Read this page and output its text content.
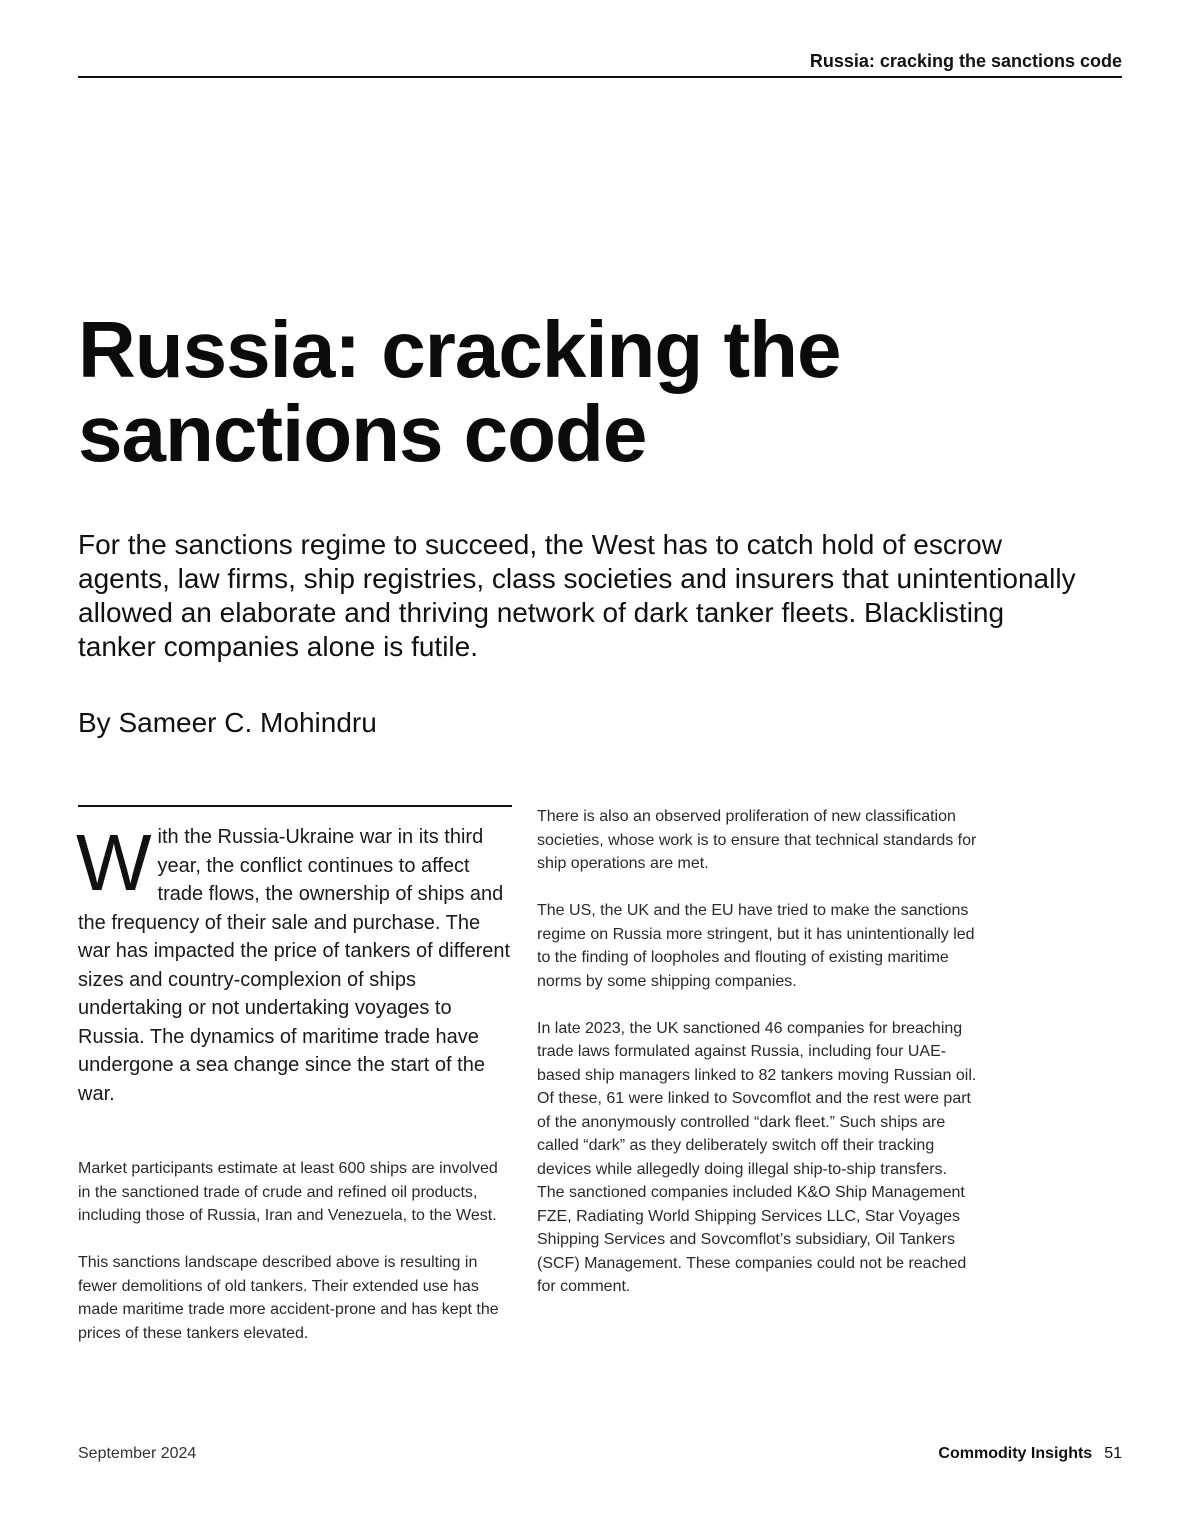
Russia: cracking the sanctions code
Russia: cracking the sanctions code

For the sanctions regime to succeed, the West has to catch hold of escrow agents, law firms, ship registries, class societies and insurers that unintentionally allowed an elaborate and thriving network of dark tanker fleets. Blacklisting tanker companies alone is futile.

By Sameer C. Mohindru

With the Russia-Ukraine war in its third year, the conflict continues to affect trade flows, the ownership of ships and the frequency of their sale and purchase. The war has impacted the price of tankers of different sizes and country-complexion of ships undertaking or not undertaking voyages to Russia. The dynamics of maritime trade have undergone a sea change since the start of the war.

Market participants estimate at least 600 ships are involved in the sanctioned trade of crude and refined oil products, including those of Russia, Iran and Venezuela, to the West.

This sanctions landscape described above is resulting in fewer demolitions of old tankers. Their extended use has made maritime trade more accident-prone and has kept the prices of these tankers elevated.

There is also an observed proliferation of new classification societies, whose work is to ensure that technical standards for ship operations are met.

The US, the UK and the EU have tried to make the sanctions regime on Russia more stringent, but it has unintentionally led to the finding of loopholes and flouting of existing maritime norms by some shipping companies.

In late 2023, the UK sanctioned 46 companies for breaching trade laws formulated against Russia, including four UAE-based ship managers linked to 82 tankers moving Russian oil. Of these, 61 were linked to Sovcomflot and the rest were part of the anonymously controlled “dark fleet.” Such ships are called “dark” as they deliberately switch off their tracking devices while allegedly doing illegal ship-to-ship transfers. The sanctioned companies included K&O Ship Management FZE, Radiating World Shipping Services LLC, Star Voyages Shipping Services and Sovcomflot’s subsidiary, Oil Tankers (SCF) Management. These companies could not be reached for comment.

September 2024	Commodity Insights 51
